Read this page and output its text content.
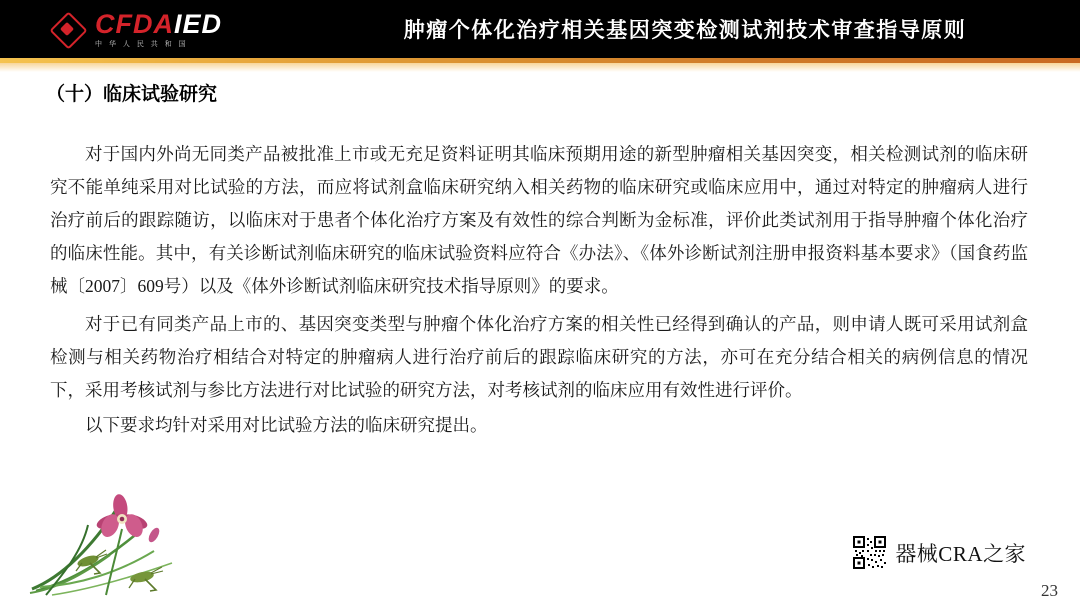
CFDAIED
中 华 人 民 共 和 国
肿瘤个体化治疗相关基因突变检测试剂技术审查指导原则
（十）临床试验研究

对于国内外尚无同类产品被批准上市或无充足资料证明其临床预期用途的新型肿瘤相关基因突变，相关检测试剂的临床研究不能单纯采用对比试验的方法，而应将试剂盒临床研究纳入相关药物的临床研究或临床应用中，通过对特定的肿瘤病人进行治疗前后的跟踪随访，以临床对于患者个体化治疗方案及有效性的综合判断为金标准，评价此类试剂用于指导肿瘤个体化治疗的临床性能。其中，有关诊断试剂临床研究的临床试验资料应符合《办法》、《体外诊断试剂注册申报资料基本要求》（国食药监械〔2007〕609号）以及《体外诊断试剂临床研究技术指导原则》的要求。

对于已有同类产品上市的、基因突变类型与肿瘤个体化治疗方案的相关性已经得到确认的产品，则申请人既可采用试剂盒检测与相关药物治疗相结合对特定的肿瘤病人进行治疗前后的跟踪临床研究的方法，亦可在充分结合相关的病例信息的情况下，采用考核试剂与参比方法进行对比试验的研究方法，对考核试剂的临床应用有效性进行评价。

以下要求均针对采用对比试验方法的临床研究提出。

器械CRA之家
23
